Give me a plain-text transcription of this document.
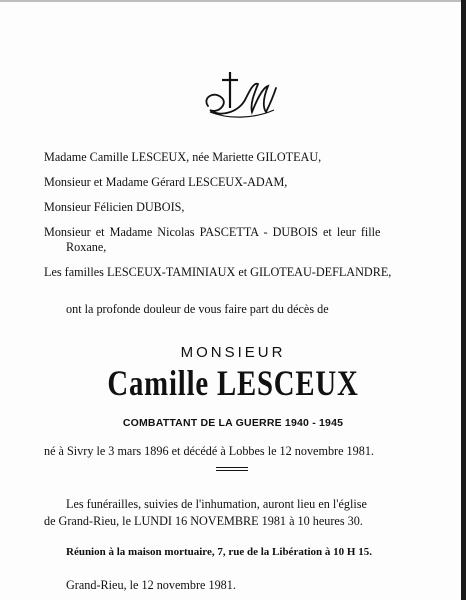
Madame Camille LESCEUX, née Mariette GILOTEAU,
Monsieur et Madame Gérard LESCEUX-ADAM,
Monsieur Félicien DUBOIS,
Monsieur et Madame Nicolas PASCETTA - DUBOIS et leur fille
Roxane,
Les familles LESCEUX-TAMINIAUX et GILOTEAU-DEFLANDRE,
ont la profonde douleur de vous faire part du décès de
MONSIEUR
Camille LESCEUX
COMBATTANT DE LA GUERRE 1940 - 1945
né à Sivry le 3 mars 1896 et décédé à Lobbes le 12 novembre 1981.
Les funérailles, suivies de l'inhumation, auront lieu en l'église
de Grand-Rieu, le LUNDI 16 NOVEMBRE 1981 à 10 heures 30.
Réunion à la maison mortuaire, 7, rue de la Libération à 10 H 15.
Grand-Rieu, le 12 novembre 1981.
